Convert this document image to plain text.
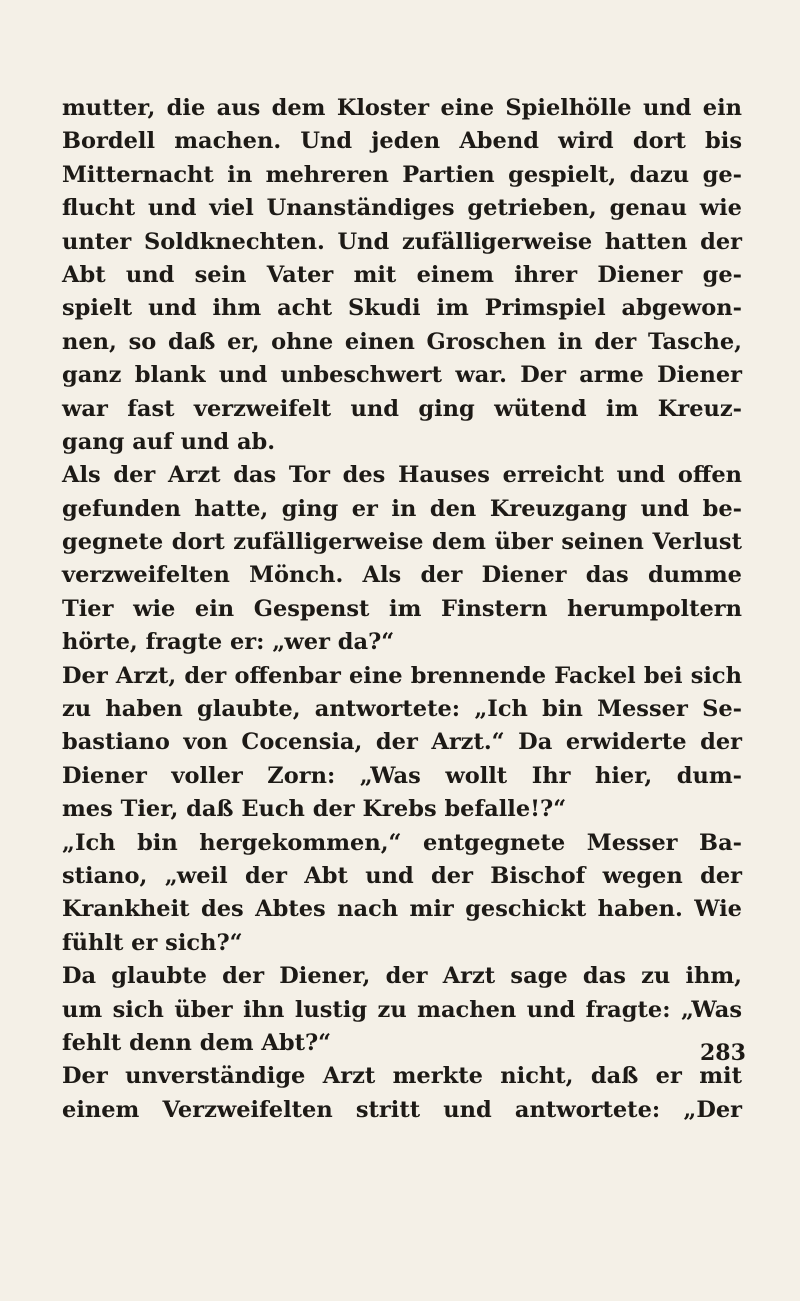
mutter, die aus dem Kloster eine Spielhölle und ein
Bordell machen. Und jeden Abend wird dort bis
Mitternacht in mehreren Partien gespielt, dazu ge-
flucht und viel Unanständiges getrieben, genau wie
unter Soldknechten. Und zufälligerweise hatten der
Abt und sein Vater mit einem ihrer Diener ge-
spielt und ihm acht Skudi im Primspiel abgewon-
nen, so daß er, ohne einen Groschen in der Tasche,
ganz blank und unbeschwert war. Der arme Diener
war fast verzweifelt und ging wütend im Kreuz-
gang auf und ab.
Als der Arzt das Tor des Hauses erreicht und offen
gefunden hatte, ging er in den Kreuzgang und be-
gegnete dort zufälligerweise dem über seinen Verlust
verzweifelten Mönch. Als der Diener das dumme
Tier wie ein Gespenst im Finstern herumpoltern
hörte, fragte er: „wer da?“
Der Arzt, der offenbar eine brennende Fackel bei sich
zu haben glaubte, antwortete: „Ich bin Messer Se-
bastiano von Cocensia, der Arzt.“ Da erwiderte der
Diener voller Zorn: „Was wollt Ihr hier, dum-
mes Tier, daß Euch der Krebs befalle!?“
„Ich bin hergekommen,“ entgegnete Messer Ba-
stiano, „weil der Abt und der Bischof wegen der
Krankheit des Abtes nach mir geschickt haben. Wie
fühlt er sich?“
Da glaubte der Diener, der Arzt sage das zu ihm,
um sich über ihn lustig zu machen und fragte: „Was
fehlt denn dem Abt?“
Der unverständige Arzt merkte nicht, daß er mit
einem Verzweifelten stritt und antwortete: „Der
283
